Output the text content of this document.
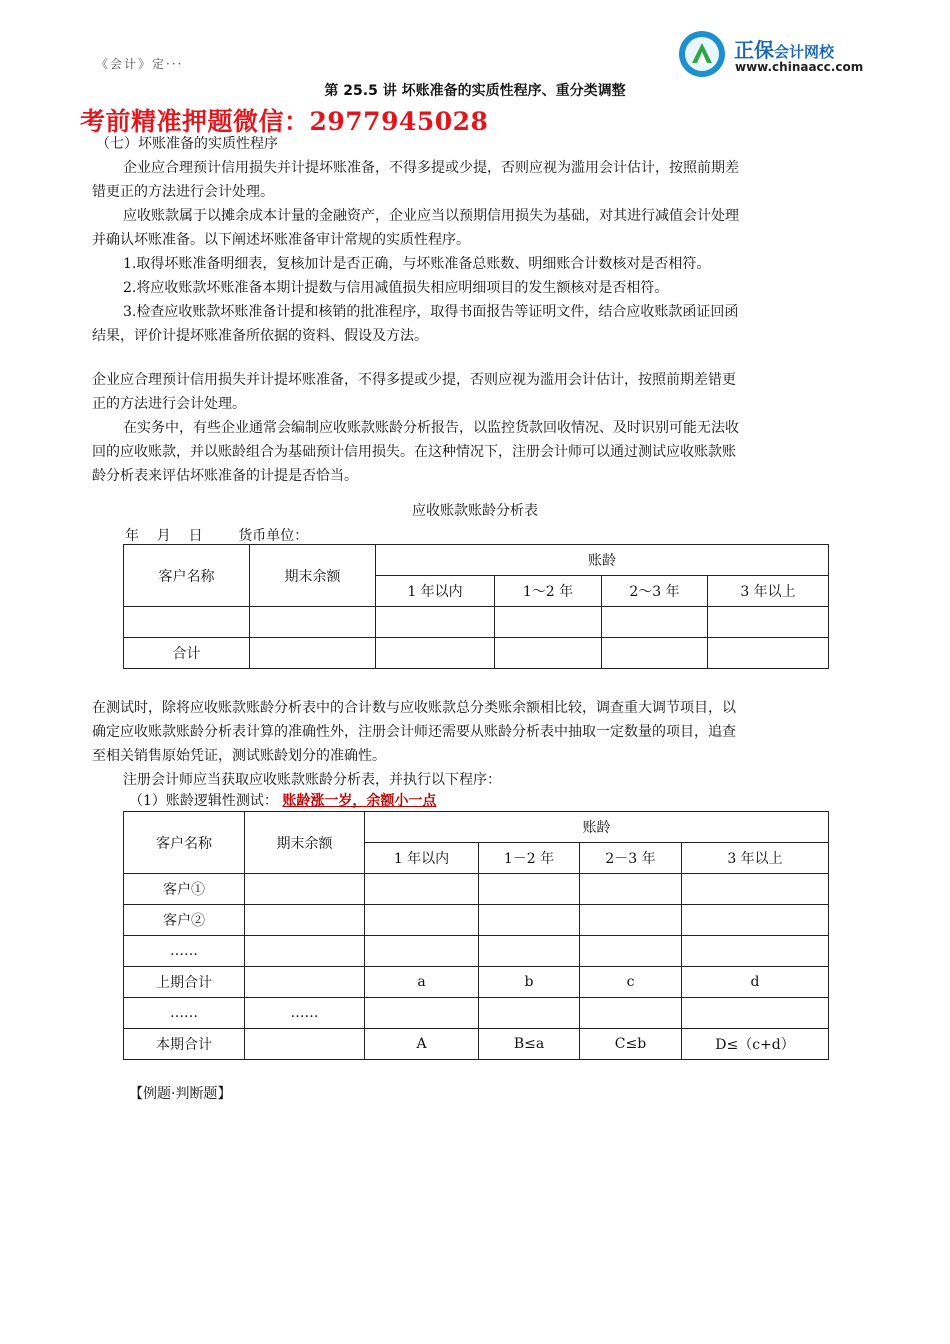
《会计》定···
正保会计网校
www.chinaacc.com
第 25.5 讲 坏账准备的实质性程序、重分类调整
考前精准押题微信：2977945028
（七）坏账准备的实质性程序
企业应合理预计信用损失并计提坏账准备，不得多提或少提，否则应视为滥用会计估计，按照前期差
错更正的方法进行会计处理。
应收账款属于以摊余成本计量的金融资产，企业应当以预期信用损失为基础，对其进行减值会计处理
并确认坏账准备。以下阐述坏账准备审计常规的实质性程序。
1.取得坏账准备明细表，复核加计是否正确，与坏账准备总账数、明细账合计数核对是否相符。
2.将应收账款坏账准备本期计提数与信用减值损失相应明细项目的发生额核对是否相符。
3.检查应收账款坏账准备计提和核销的批准程序，取得书面报告等证明文件，结合应收账款函证回函
结果，评价计提坏账准备所依据的资料、假设及方法。
企业应合理预计信用损失并计提坏账准备，不得多提或少提，否则应视为滥用会计估计，按照前期差错更
正的方法进行会计处理。
在实务中，有些企业通常会编制应收账款账龄分析报告，以监控货款回收情况、及时识别可能无法收
回的应收账款，并以账龄组合为基础预计信用损失。在这种情况下，注册会计师可以通过测试应收账款账
龄分析表来评估坏账准备的计提是否恰当。
应收账款账龄分析表
年    月    日        货币单位：
客户名称	期末余额	账龄			
		1 年以内	1～2 年	2～3 年	3 年以上

合计					
在测试时，除将应收账款账龄分析表中的合计数与应收账款总分类账余额相比较，调查重大调节项目，以
确定应收账款账龄分析表计算的准确性外，注册会计师还需要从账龄分析表中抽取一定数量的项目，追查
至相关销售原始凭证，测试账龄划分的准确性。
注册会计师应当获取应收账款账龄分析表，并执行以下程序：
（1）账龄逻辑性测试： 账龄涨一岁，余额小一点
客户名称	期末余额	账龄			
		1 年以内	1－2 年	2－3 年	3 年以上
客户①					
客户②					
……					
上期合计		a	b	c	d
……	……				
本期合计		A	B≤a	C≤b	D≤（c+d）
【例题·判断题】
